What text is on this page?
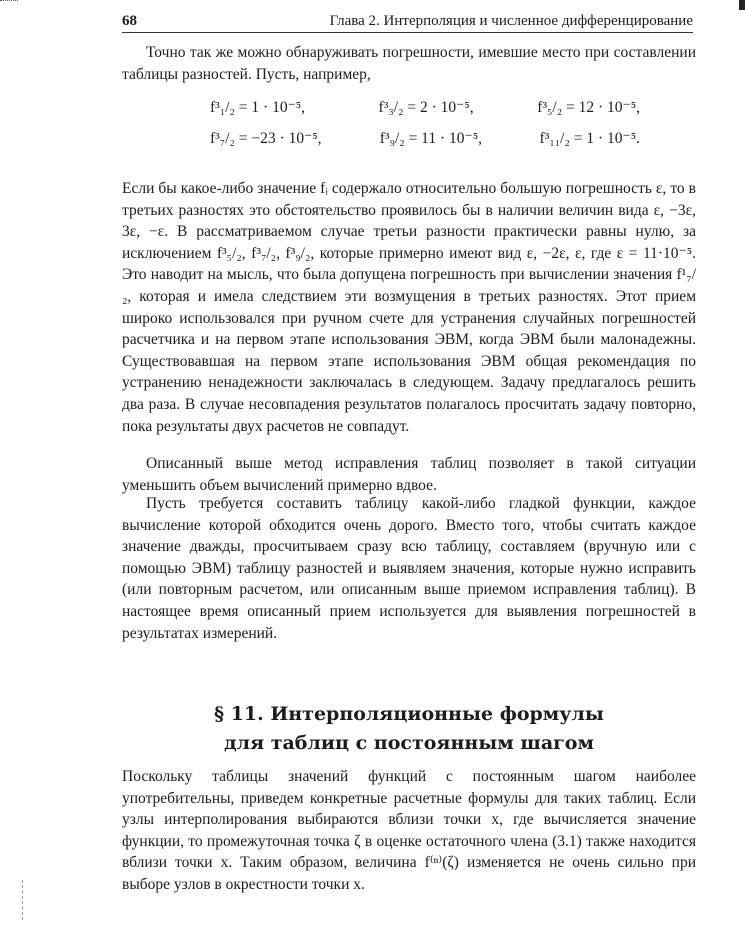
68	Глава 2. Интерполяция и численное дифференцирование
Точно так же можно обнаруживать погрешности, имевшие место при составлении таблицы разностей. Пусть, например,
f³₁/₂ = 1 · 10⁻⁵,	f³₃/₂ = 2 · 10⁻⁵,	f³₅/₂ = 12 · 10⁻⁵,
f³₇/₂ = −23 · 10⁻⁵,	f³₉/₂ = 11 · 10⁻⁵,	f³₁₁/₂ = 1 · 10⁻⁵.
Если бы какое-либо значение fᵢ содержало относительно большую погрешность ε, то в третьих разностях это обстоятельство проявилось бы в наличии величин вида ε, −3ε, 3ε, −ε. В рассматриваемом случае третьи разности практически равны нулю, за исключением f³₅/₂, f³₇/₂, f³₉/₂, которые примерно имеют вид ε, −2ε, ε, где ε = 11·10⁻⁵. Это наводит на мысль, что была допущена погрешность при вычислении значения f¹₇/₂, которая и имела следствием эти возмущения в третьих разностях. Этот прием широко использовался при ручном счете для устранения случайных погрешностей расчетчика и на первом этапе использования ЭВМ, когда ЭВМ были малонадежны. Существовавшая на первом этапе использования ЭВМ общая рекомендация по устранению ненадежности заключалась в следующем. Задачу предлагалось решить два раза. В случае несовпадения результатов полагалось просчитать задачу повторно, пока результаты двух расчетов не совпадут.
Описанный выше метод исправления таблиц позволяет в такой ситуации уменьшить объем вычислений примерно вдвое.
Пусть требуется составить таблицу какой-либо гладкой функции, каждое вычисление которой обходится очень дорого. Вместо того, чтобы считать каждое значение дважды, просчитываем сразу всю таблицу, составляем (вручную или с помощью ЭВМ) таблицу разностей и выявляем значения, которые нужно исправить (или повторным расчетом, или описанным выше приемом исправления таблиц). В настоящее время описанный прием используется для выявления погрешностей в результатах измерений.
§ 11. Интерполяционные формулы
для таблиц с постоянным шагом
Поскольку таблицы значений функций с постоянным шагом наиболее употребительны, приведем конкретные расчетные формулы для таких таблиц. Если узлы интерполирования выбираются вблизи точки x, где вычисляется значение функции, то промежуточная точка ζ в оценке остаточного члена (3.1) также находится вблизи точки x. Таким образом, величина f⁽ⁿ⁾(ζ) изменяется не очень сильно при выборе узлов в окрестности точки x.
